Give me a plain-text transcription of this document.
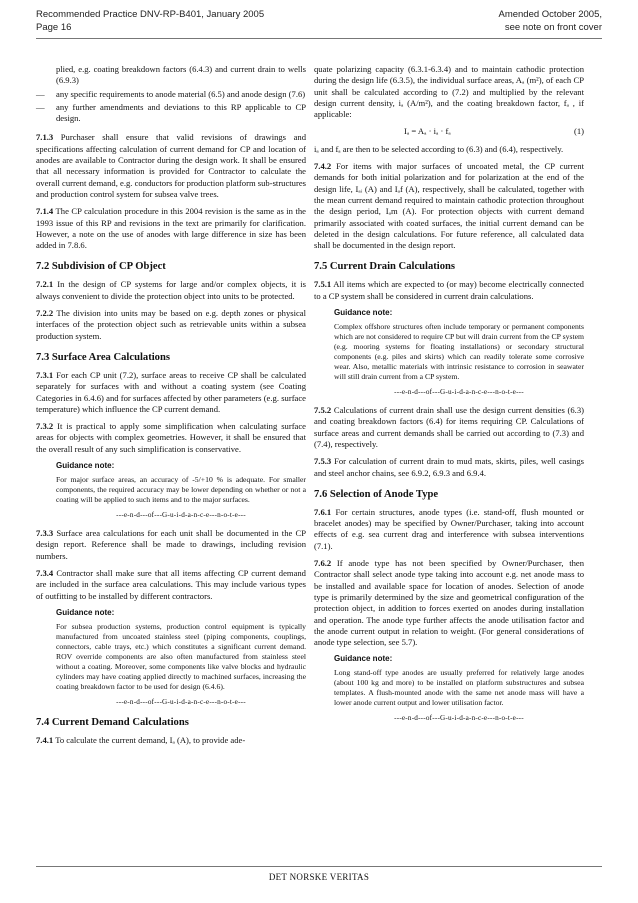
Recommended Practice DNV-RP-B401, January 2005
Page 16
Amended October 2005,
see note on front cover

plied, e.g. coating breakdown factors (6.4.3) and current drain to wells (6.9.3)

— any specific requirements to anode material (6.5) and anode design (7.6)
— any further amendments and deviations to this RP applicable to CP design.

7.1.3 Purchaser shall ensure that valid revisions of drawings and specifications affecting calculation of current demand for CP and location of anodes are available to Contractor during the design work. It shall be ensured that all necessary information is provided for Contractor to calculate the overall current demand, e.g. conductors for production platform sub-structures and production control system for subsea valve trees.

7.1.4 The CP calculation procedure in this 2004 revision is the same as in the 1993 issue of this RP and revisions in the text are primarily for clarification. However, a note on the use of anodes with large difference in size has been added in 7.8.6.

7.2 Subdivision of CP Object

7.2.1 In the design of CP systems for large and/or complex objects, it is always convenient to divide the protection object into units to be protected.

7.2.2 The division into units may be based on e.g. depth zones or physical interfaces of the protection object such as retrievable units within a subsea production system.

7.3 Surface Area Calculations

7.3.1 For each CP unit (7.2), surface areas to receive CP shall be calculated separately for surfaces with and without a coating system (see Coating Categories in 6.4.6) and for surfaces affected by other parameters (e.g. surface temperature) which influence the CP current demand.

7.3.2 It is practical to apply some simplification when calculating surface areas for objects with complex geometries. However, it shall be ensured that the overall result of any such simplification is conservative.

Guidance note:
For major surface areas, an accuracy of -5/+10 % is adequate. For smaller components, the required accuracy may be lower depending on whether or not a coating will be applied to such items and to the major surfaces.
---e-n-d---of---G-u-i-d-a-n-c-e---n-o-t-e---

7.3.3 Surface area calculations for each unit shall be documented in the CP design report. Reference shall be made to drawings, including revision numbers.

7.3.4 Contractor shall make sure that all items affecting CP current demand are included in the surface area calculations. This may include various types of outfitting to be installed by different contractors.

Guidance note:
For subsea production systems, production control equipment is typically manufactured from uncoated stainless steel (piping components, couplings, connectors, cable trays, etc.) which constitutes a significant current demand. ROV override components are also often manufactured from stainless steel without a coating. Moreover, some components like valve blocks and hydraulic cylinders may have coating applied directly to machined surfaces, increasing the coating breakdown factor to be used for design (6.4.6).
---e-n-d---of---G-u-i-d-a-n-c-e---n-o-t-e---
7.4 Current Demand Calculations

7.4.1 To calculate the current demand, Iₐ (A), to provide ade-

quate polarizing capacity (6.3.1-6.3.4) and to maintain cathodic protection during the design life (6.3.5), the individual surface areas, Aₐ (m²), of each CP unit shall be calculated according to (7.2) and multiplied by the relevant design current density, iₐ (A/m²), and the coating breakdown factor, fₐ , if applicable:

Iₐ = Aₐ · iₐ · fₐ	(1)

iₐ and fₐ are then to be selected according to (6.3) and (6.4), respectively.

7.4.2 For items with major surfaces of uncoated metal, the CP current demands for both initial polarization and for polarization at the end of the design life, Iₐᵢ (A) and Iₐf (A), respectively, shall be calculated, together with the mean current demand required to maintain cathodic protection throughout the design period, Iₐm (A). For protection objects with current demand primarily associated with coated surfaces, the initial current demand can be deleted in the design calculations. For future reference, all calculated data shall be documented in the design report.

7.5 Current Drain Calculations

7.5.1 All items which are expected to (or may) become electrically connected to a CP system shall be considered in current drain calculations.

Guidance note:
Complex offshore structures often include temporary or permanent components which are not considered to require CP but will drain current from the CP system (e.g. mooring systems for floating installations) or secondary structural components (e.g. piles and skirts) which can readily tolerate some corrosive wear. Also, metallic materials with intrinsic resistance to corrosion in seawater will still drain current from a CP system.
---e-n-d---of---G-u-i-d-a-n-c-e---n-o-t-e---

7.5.2 Calculations of current drain shall use the design current densities (6.3) and coating breakdown factors (6.4) for items requiring CP. Calculations of surface areas and current demands shall be carried out according to (7.3) and (7.4), respectively.

7.5.3 For calculation of current drain to mud mats, skirts, piles, well casings and steel anchor chains, see 6.9.2, 6.9.3 and 6.9.4.

7.6 Selection of Anode Type

7.6.1 For certain structures, anode types (i.e. stand-off, flush mounted or bracelet anodes) may be specified by Owner/Purchaser, taking into account effects of e.g. sea current drag and interference with subsea interventions (7.1).

7.6.2 If anode type has not been specified by Owner/Purchaser, then Contractor shall select anode type taking into account e.g. net anode mass to be installed and available space for location of anodes. Selection of anode type is primarily determined by the size and geometrical configuration of the protection object, in addition to forces exerted on anodes during installation and operation. The anode type further affects the anode utilisation factor and the anode current output in relation to weight. (For general considerations of anode type selection, see 5.7).

Guidance note:
Long stand-off type anodes are usually preferred for relatively large anodes (about 100 kg and more) to be installed on platform substructures and subsea templates. A flush-mounted anode with the same net anode mass will have a lower anode current output and lower utilisation factor.
---e-n-d---of---G-u-i-d-a-n-c-e---n-o-t-e---
DET NORSKE VERITAS
